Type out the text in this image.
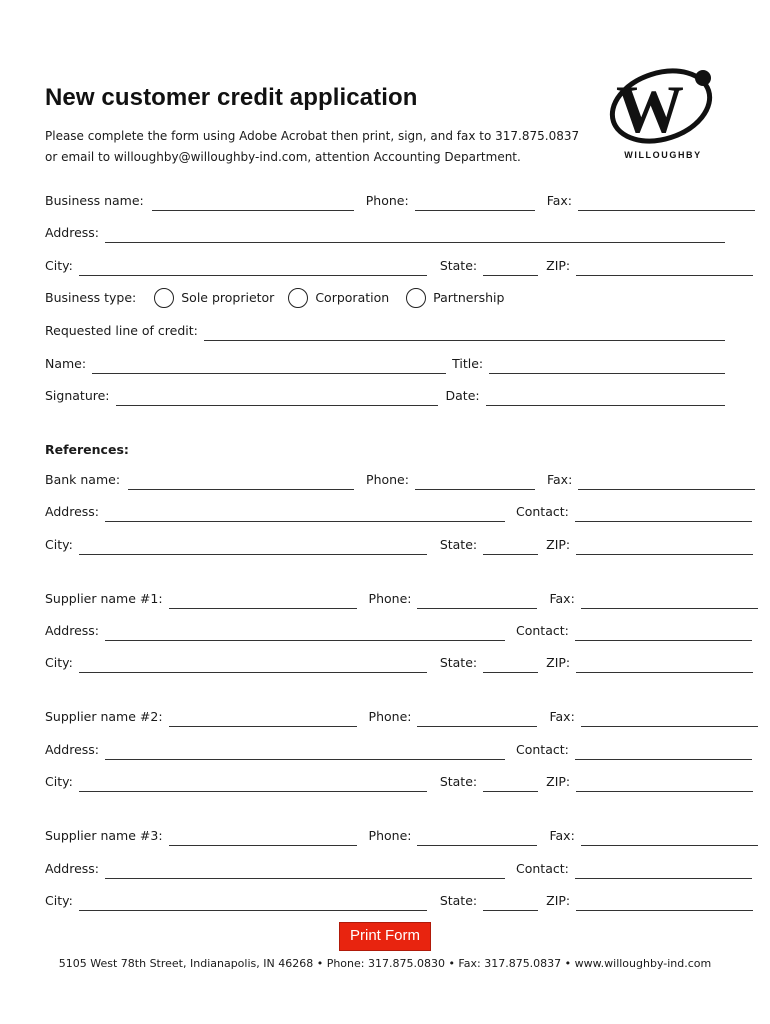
New customer credit application
Please complete the form using Adobe Acrobat then print, sign, and fax to 317.875.0837
or email to willoughby@willoughby-ind.com, attention Accounting Department.
W
WILLOUGHBY
Business name:	Phone:	Fax:
Address:
City:	State:	ZIP:
Business type:	Sole proprietor	Corporation	Partnership
Requested line of credit:
Name:	Title:
Signature:	Date:
References:
Bank name:	Phone:	Fax:
Address:	Contact:
City:	State:	ZIP:
Supplier name #1:	Phone:	Fax:
Address:	Contact:
City:	State:	ZIP:
Supplier name #2:	Phone:	Fax:
Address:	Contact:
City:	State:	ZIP:
Supplier name #3:	Phone:	Fax:
Address:	Contact:
City:	State:	ZIP:
Print Form
5105 West 78th Street, Indianapolis, IN 46268 • Phone: 317.875.0830 • Fax: 317.875.0837 • www.willoughby-ind.com
